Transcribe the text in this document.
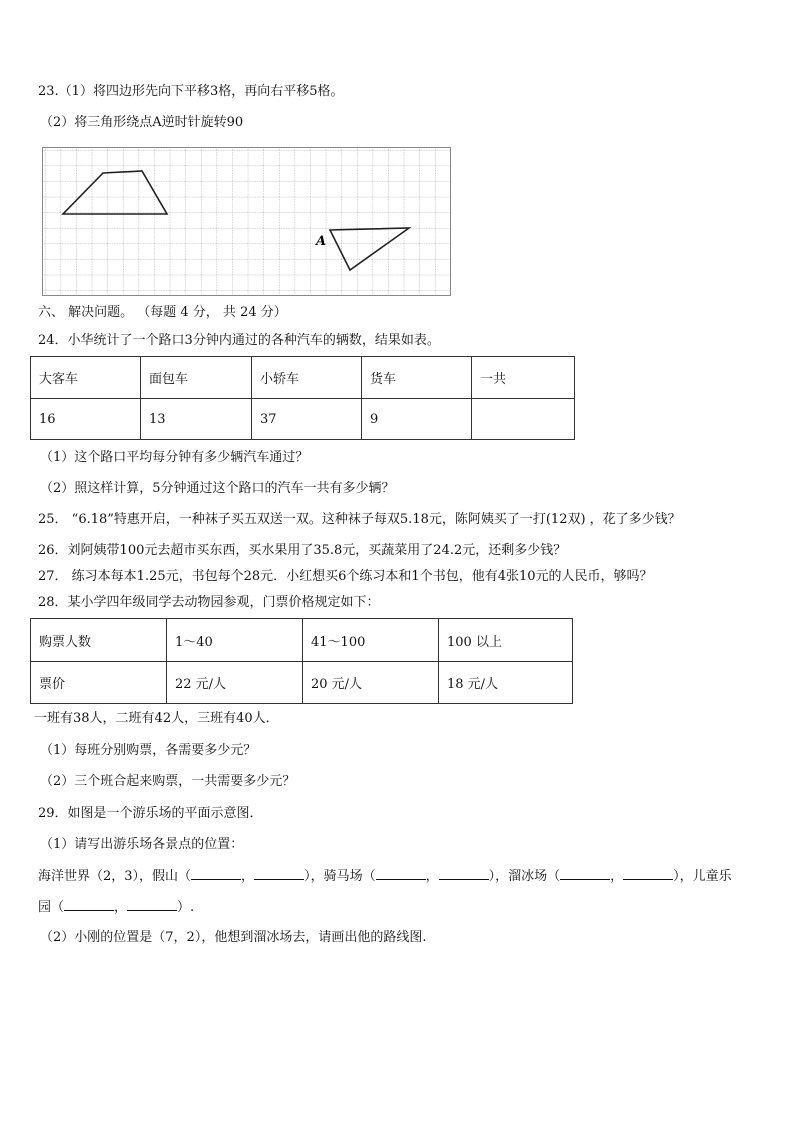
23.（1）将四边形先向下平移3格，再向右平移5格。
（2）将三角形绕点A逆时针旋转90
A
六、 解决问题。 （每题 4 分， 共 24 分）
24．小华统计了一个路口3分钟内通过的各种汽车的辆数，结果如表。
大客车	面包车	小轿车	货车	一共
16	13	37	9	
（1）这个路口平均每分钟有多少辆汽车通过？
（2）照这样计算，5分钟通过这个路口的汽车一共有多少辆？
25． “6.18”特惠开启，一种袜子买五双送一双。这种袜子每双5.18元，陈阿姨买了一打(12双) ，花了多少钱？
26．刘阿姨带100元去超市买东西，买水果用了35.8元，买蔬菜用了24.2元，还剩多少钱？
27． 练习本每本1.25元，书包每个28元．小红想买6个练习本和1个书包，他有4张10元的人民币，够吗？
28．某小学四年级同学去动物园参观，门票价格规定如下：
购票人数	1～40	41～100	100 以上
票价	22 元/人	20 元/人	18 元/人
一班有38人，二班有42人，三班有40人．
（1）每班分别购票，各需要多少元？
（2）三个班合起来购票，一共需要多少元？
29．如图是一个游乐场的平面示意图．
（1）请写出游乐场各景点的位置：
海洋世界（2，3），假山（	，	），骑马场（	，	），溜冰场（	，	），儿童乐
园（	，	）.
（2）小刚的位置是（7，2），他想到溜冰场去，请画出他的路线图.
